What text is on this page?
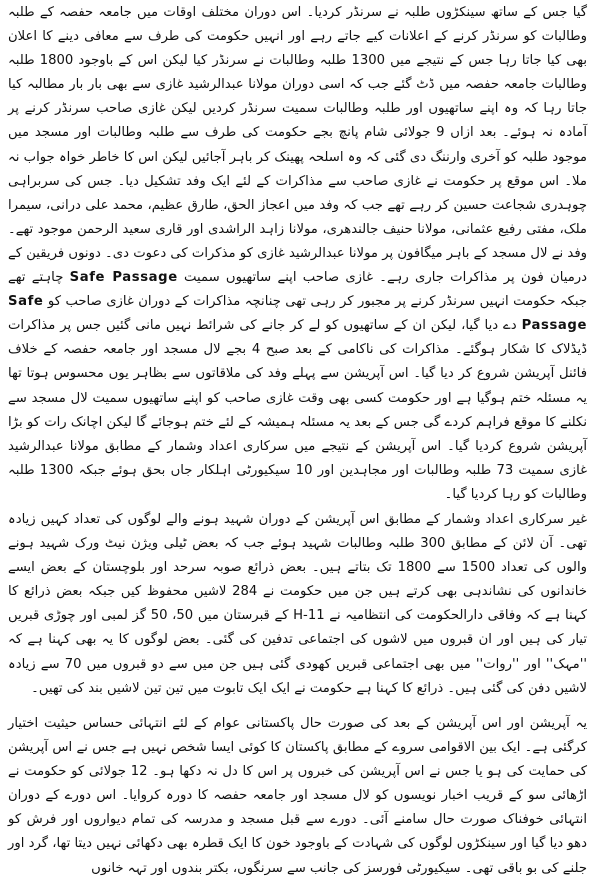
گیا جس کے ساتھ سینکڑوں طلبہ نے سرنڈر کردیا۔ اس دوران مختلف اوقات میں جامعہ حفصہ کے طلبہ وطالبات کو سرنڈر کرنے کے اعلانات کیے جاتے رہے اور انہیں حکومت کی طرف سے معافی دینے کا اعلان بھی کیا جاتا رہا جس کے نتیجے میں 1300 طلبہ وطالبات نے سرنڈر کیا لیکن اس کے باوجود 1800 طلبہ وطالبات جامعہ حفصہ میں ڈٹ گئے جب کہ اسی دوران مولانا عبدالرشید غازی سے بھی بار بار مطالبہ کیا جاتا رہا کہ وہ اپنے ساتھیوں اور طلبہ وطالبات سمیت سرنڈر کردیں لیکن غازی صاحب سرنڈر کرنے پر آمادہ نہ ہوئے۔ بعد ازاں 9 جولائی شام پانچ بجے حکومت کی طرف سے طلبہ وطالبات اور مسجد میں موجود طلبہ کو آخری وارننگ دی گئی کہ وہ اسلحہ پھینک کر باہر آجائیں لیکن اس کا خاطر خواہ جواب نہ ملا۔ اس موقع پر حکومت نے غازی صاحب سے مذاکرات کے لئے ایک وفد تشکیل دیا۔ جس کی سربراہی چوہدری شجاعت حسین کر رہے تھے جب کہ وفد میں اعجاز الحق، طارق عظیم، محمد علی درانی، سیمرا ملک، مفتی رفیع عثمانی، مولانا حنیف جالندھری، مولانا زاہد الراشدی اور قاری سعید الرحمن موجود تھے۔ وفد نے لال مسجد کے باہر میگافون پر مولانا عبدالرشید غازی کو مذکرات کی دعوت دی۔ دونوں فریقین کے درمیان فون پر مذاکرات جاری رہے۔ غازی صاحب اپنے ساتھیوں سمیت Safe Passage چاہتے تھے جبکہ حکومت انہیں سرنڈر کرنے پر مجبور کر رہی تھی چنانچہ مذاکرات کے دوران غازی صاحب کو Safe Passage دے دیا گیا، لیکن ان کے ساتھیوں کو لے کر جانے کی شرائط نہیں مانی گئیں جس پر مذاکرات ڈیڈلاک کا شکار ہوگئے۔ مذاکرات کی ناکامی کے بعد صبح 4 بجے لال مسجد اور جامعہ حفصہ کے خلاف فائنل آپریشن شروع کر دیا گیا۔ اس آپریشن سے پہلے وفد کی ملاقاتوں سے بظاہر یوں محسوس ہوتا تھا یہ مسئلہ ختم ہوگیا ہے اور حکومت کسی بھی وقت غازی صاحب کو اپنے ساتھیوں سمیت لال مسجد سے نکلنے کا موقع فراہم کردے گی جس کے بعد یہ مسئلہ ہمیشہ کے لئے ختم ہوجائے گا لیکن اچانک رات کو بڑا آپریشن شروع کردیا گیا۔ اس آپریشن کے نتیجے میں سرکاری اعداد وشمار کے مطابق مولانا عبدالرشید غازی سمیت 73 طلبہ وطالبات اور مجاہدین اور 10 سیکیورٹی اہلکار جاں بحق ہوئے جبکہ 1300 طلبہ وطالبات کو رہا کردیا گیا۔

غیر سرکاری اعداد وشمار کے مطابق اس آپریشن کے دوران شہید ہونے والے لوگوں کی تعداد کہیں زیادہ تھی۔ آن لائن کے مطابق 300 طلبہ وطالبات شہید ہوئے جب کہ بعض ٹیلی ویژن نیٹ ورک شہید ہونے والوں کی تعداد 1500 سے 1800 تک بتاتے ہیں۔ بعض ذرائع صوبہ سرحد اور بلوچستان کے بعض ایسے خاندانوں کی نشاندہی بھی کرتے ہیں جن میں حکومت نے 284 لاشیں محفوظ کیں جبکہ بعض ذرائع کا کہنا ہے کہ وفاقی دارالحکومت کی انتظامیہ نے H-11 کے قبرستان میں 50، 50 گز لمبی اور چوڑی قبریں تیار کی ہیں اور ان قبروں میں لاشوں کی اجتماعی تدفین کی گئی۔ بعض لوگوں کا یہ بھی کہنا ہے کہ ''مہک'' اور ''روات'' میں بھی اجتماعی قبریں کھودی گئی ہیں جن میں سے دو قبروں میں 70 سے زیادہ لاشیں دفن کی گئی ہیں۔ ذرائع کا کہنا ہے حکومت نے ایک ایک تابوت میں تین تین لاشیں بند کی تھیں۔

یہ آپریشن اور اس آپریشن کے بعد کی صورت حال پاکستانی عوام کے لئے انتہائی حساس حیثیت اختیار کرگئی ہے۔ ایک بین الاقوامی سروے کے مطابق پاکستان کا کوئی ایسا شخص نہیں ہے جس نے اس آپریشن کی حمایت کی ہو یا جس نے اس آپریشن کی خبروں پر اس کا دل نہ دکھا ہو۔ 12 جولائی کو حکومت نے اڑھائی سو کے قریب اخبار نویسوں کو لال مسجد اور جامعہ حفصہ کا دورہ کروایا۔ اس دورے کے دوران انتہائی خوفناک صورت حال سامنے آئی۔ دورے سے قبل مسجد و مدرسہ کی تمام دیواروں اور فرش کو دھو دیا گیا اور سینکڑوں لوگوں کی شہادت کے باوجود خون کا ایک قطرہ بھی دکھائی نہیں دیتا تھا، گرد اور جلنے کی بو باقی تھی۔ سیکیورٹی فورسز کی جانب سے سرنگوں، بکتر بندوں اور تہہ خانوں
